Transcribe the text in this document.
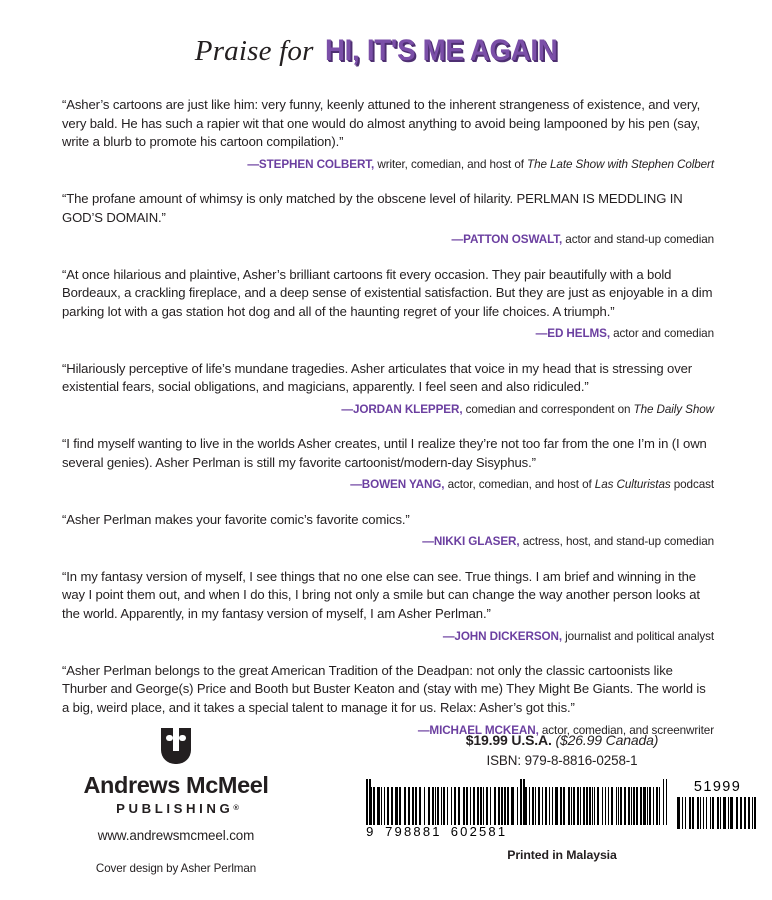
Praise for HI, IT'S ME AGAIN

“Asher’s cartoons are just like him: very funny, keenly attuned to the inherent strangeness of existence, and very, very bald. He has such a rapier wit that one would do almost anything to avoid being lampooned by his pen (say, write a blurb to promote his cartoon compilation).”

—STEPHEN COLBERT, writer, comedian, and host of The Late Show with Stephen Colbert

“The profane amount of whimsy is only matched by the obscene level of hilarity. PERLMAN IS MEDDLING IN GOD’S DOMAIN.”

—PATTON OSWALT, actor and stand-up comedian

“At once hilarious and plaintive, Asher’s brilliant cartoons fit every occasion. They pair beautifully with a bold Bordeaux, a crackling fireplace, and a deep sense of existential satisfaction. But they are just as enjoyable in a dim parking lot with a gas station hot dog and all of the haunting regret of your life choices. A triumph.”

—ED HELMS, actor and comedian

“Hilariously perceptive of life’s mundane tragedies. Asher articulates that voice in my head that is stressing over existential fears, social obligations, and magicians, apparently. I feel seen and also ridiculed.”

—JORDAN KLEPPER, comedian and correspondent on The Daily Show

“I find myself wanting to live in the worlds Asher creates, until I realize they’re not too far from the one I’m in (I own several genies). Asher Perlman is still my favorite cartoonist/modern-day Sisyphus.”

—BOWEN YANG, actor, comedian, and host of Las Culturistas podcast

“Asher Perlman makes your favorite comic’s favorite comics.”

—NIKKI GLASER, actress, host, and stand-up comedian

“In my fantasy version of myself, I see things that no one else can see. True things. I am brief and winning in the way I point them out, and when I do this, I bring not only a smile but can change the way another person looks at the world. Apparently, in my fantasy version of myself, I am Asher Perlman.”

—JOHN DICKERSON, journalist and political analyst

“Asher Perlman belongs to the great American Tradition of the Deadpan: not only the classic cartoonists like Thurber and George(s) Price and Booth but Buster Keaton and (stay with me) They Might Be Giants. The world is a big, weird place, and it takes a special talent to manage it for us. Relax: Asher’s got this.”

—MICHAEL MCKEAN, actor, comedian, and screenwriter

Andrews McMeel
PUBLISHING®
www.andrewsmcmeel.com
Cover design by Asher Perlman
$19.99 U.S.A. ($26.99 Canada)
ISBN: 979-8-8816-0258-1
9 798881 602581
51999
Printed in Malaysia
